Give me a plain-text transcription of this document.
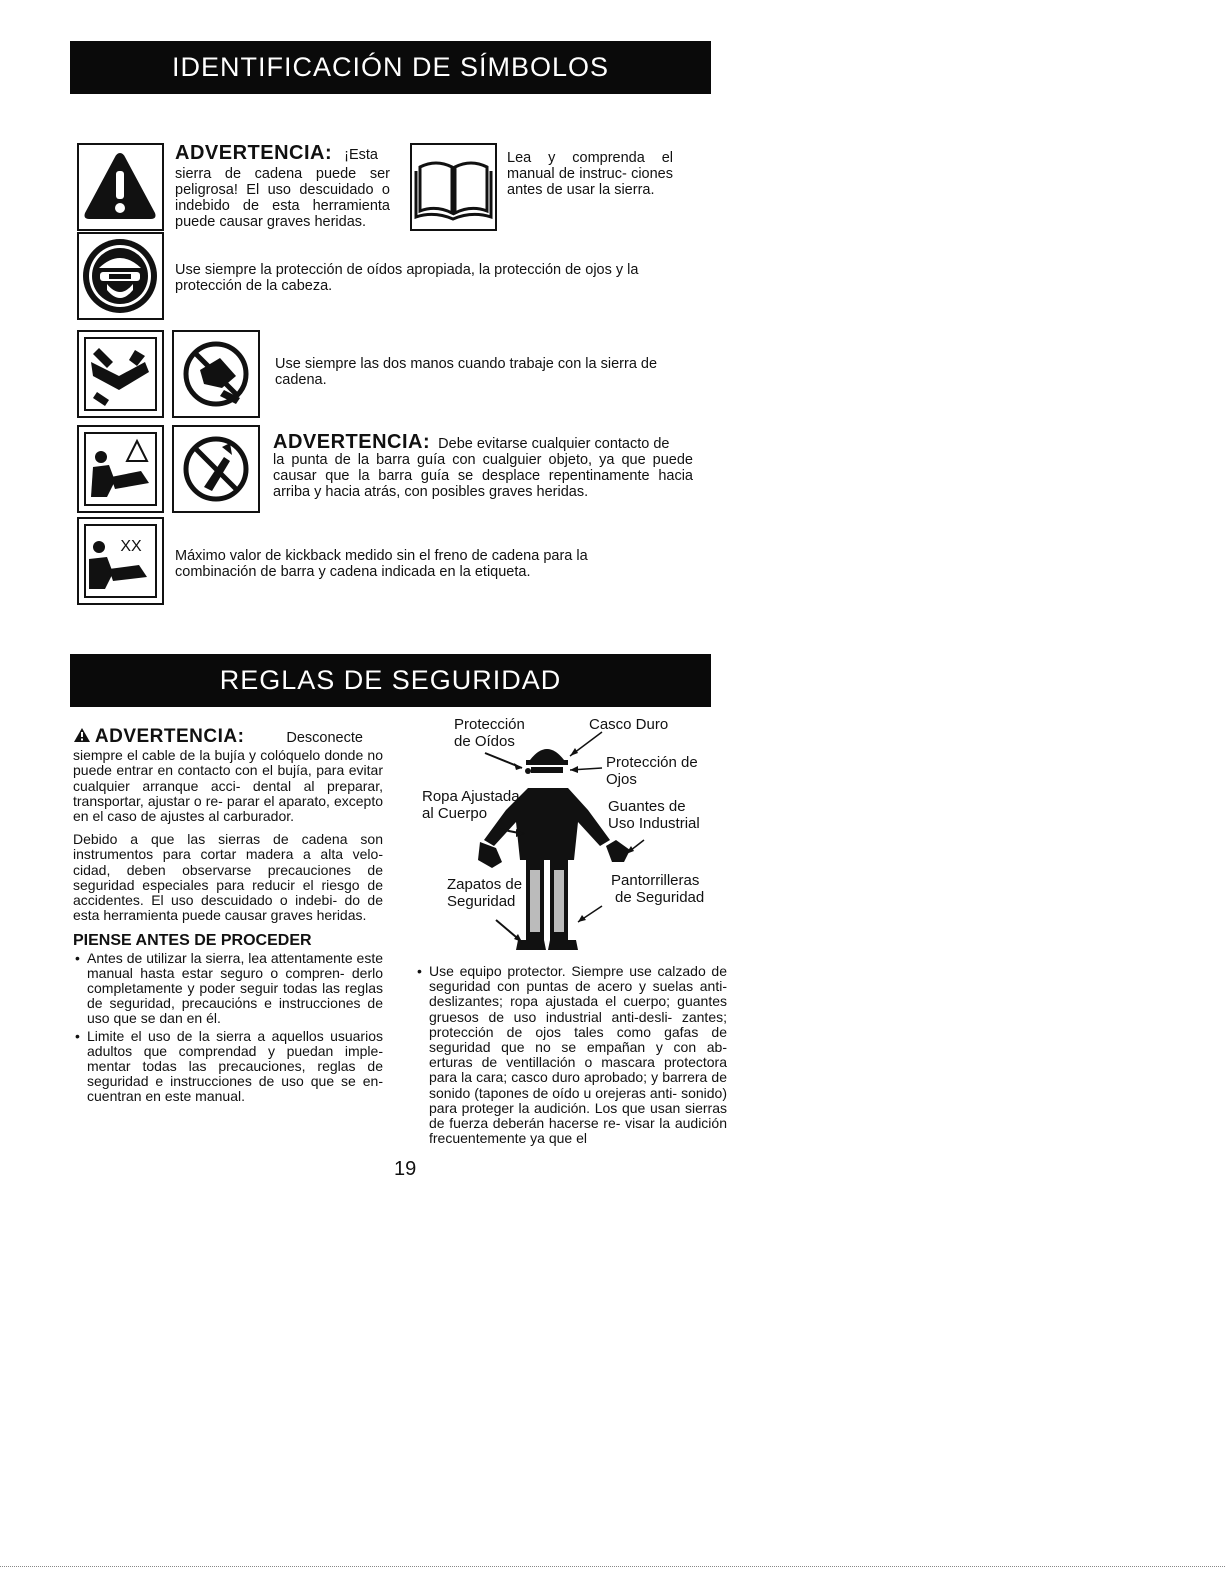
IDENTIFICACIÓN DE SÍMBOLOS
ADVERTENCIA: ¡Esta
sierra de cadena puede ser peligrosa! El uso descuidado o indebido de esta herramienta puede causar graves heridas.
Lea y comprenda el manual de instruc- ciones antes de usar la sierra.
Use siempre la protección de oídos apropiada, la protección de ojos y la protección de la cabeza.
Use siempre las dos manos cuando trabaje con la sierra de cadena.
ADVERTENCIA: Debe evitarse cualquier contacto de
la punta de la barra guía con cualguier objeto, ya que puede causar que la barra guía se desplace repentinamente hacia arriba y hacia atrás, con posibles graves heridas.
XX
Máximo valor de kickback medido sin el freno de cadena para la combinación de barra y cadena indicada en la etiqueta.
REGLAS DE SEGURIDAD
ADVERTENCIA:	Desconecte

siempre el cable de la bujía y colóquelo donde no puede entrar en contacto con el bujía, para evitar cualquier arranque acci- dental al preparar, transportar, ajustar o re- parar el aparato, excepto en el caso de ajustes al carburador.

Debido a que las sierras de cadena son instrumentos para cortar madera a alta velo- cidad, deben observarse precauciones de seguridad especiales para reducir el riesgo de accidentes. El uso descuidado o indebi- do de esta herramienta puede causar graves heridas.

PIENSE ANTES DE PROCEDER
• Antes de utilizar la sierra, lea attentamente este manual hasta estar seguro o compren- derlo completamente y poder seguir todas las reglas de seguridad, precauciόns e instrucciones de uso que se dan en él.
• Limite el uso de la sierra a aquellos usuarios adultos que comprendad y puedan imple- mentar todas las precauciones, reglas de seguridad e instrucciones de uso que se en- cuentran en este manual.
Protección
de Oídos
Casco Duro
Protección de
Ojos
Ropa Ajustada
al Cuerpo	Guantes de
Uso Industrial
Zapatos de
Seguridad
Pantorrilleras
de Seguridad
• Use equipo protector. Siempre use calzado de seguridad con puntas de acero y suelas anti-deslizantes; ropa ajustada el cuerpo; guantes gruesos de uso industrial anti-desli- zantes; protección de ojos tales como gafas de seguridad que no se empañan y con ab- erturas de ventillación o mascara protectora para la cara; casco duro aprobado; y barrera de sonido (tapones de oído u orejeras anti- sonido) para proteger la audición. Los que usan sierras de fuerza deberán hacerse re- visar la audición frecuentemente ya que el
19
